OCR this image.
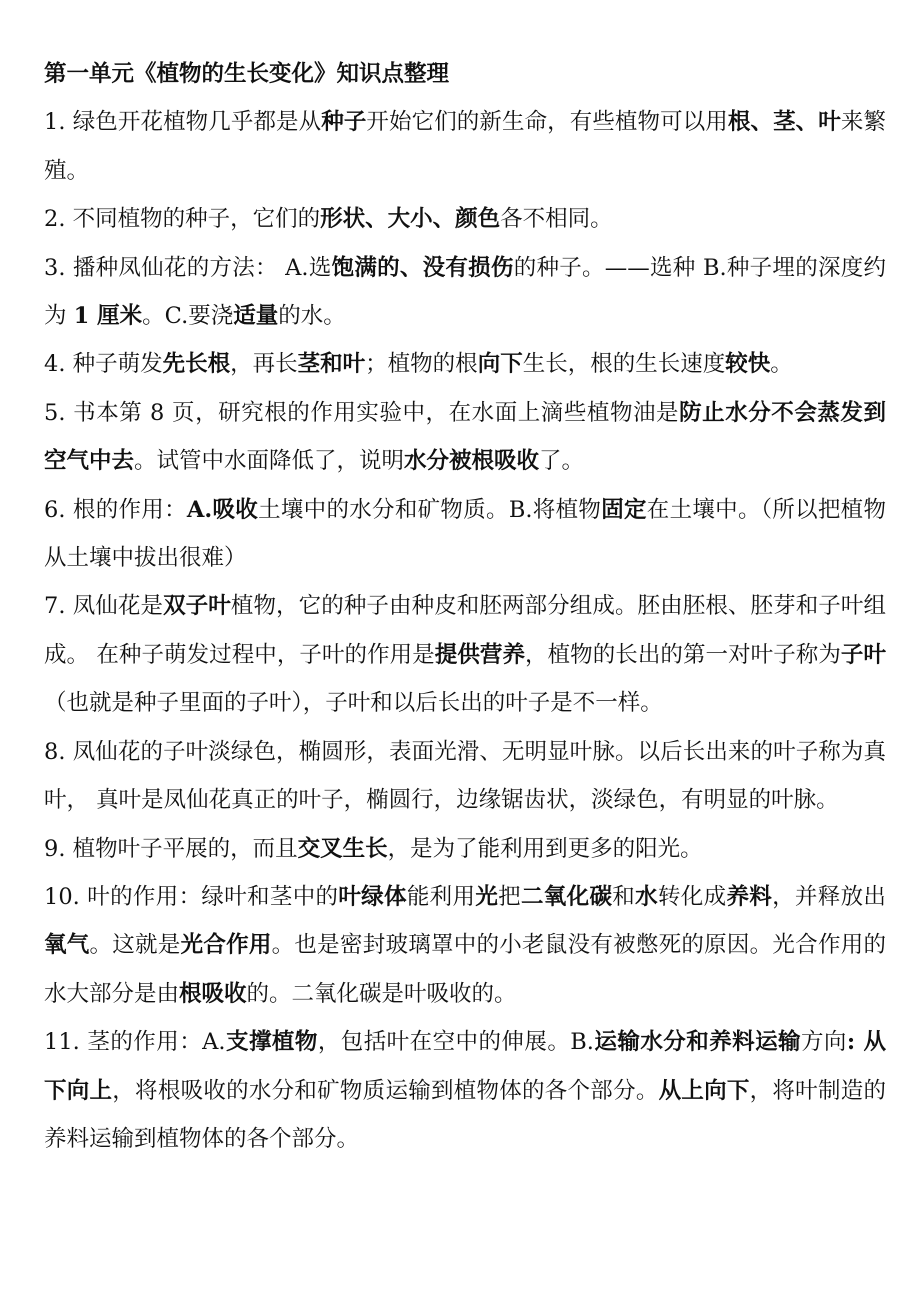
第一单元《植物的生长变化》知识点整理

1. 绿色开花植物几乎都是从种子开始它们的新生命，有些植物可以用根、茎、叶来繁殖。

2. 不同植物的种子，它们的形状、大小、颜色各不相同。

3. 播种凤仙花的方法： A.选饱满的、没有损伤的种子。——选种 B.种子埋的深度约为 1 厘米。C.要浇适量的水。

4. 种子萌发先长根，再长茎和叶；植物的根向下生长，根的生长速度较快。

5. 书本第 8 页，研究根的作用实验中，在水面上滴些植物油是防止水分不会蒸发到空气中去。试管中水面降低了，说明水分被根吸收了。

6. 根的作用：A.吸收土壤中的水分和矿物质。B.将植物固定在土壤中。（所以把植物从土壤中拔出很难）

7. 凤仙花是双子叶植物，它的种子由种皮和胚两部分组成。胚由胚根、胚芽和子叶组成。 在种子萌发过程中，子叶的作用是提供营养，植物的长出的第一对叶子称为子叶（也就是种子里面的子叶），子叶和以后长出的叶子是不一样。

8. 凤仙花的子叶淡绿色，椭圆形，表面光滑、无明显叶脉。以后长出来的叶子称为真叶， 真叶是凤仙花真正的叶子，椭圆行，边缘锯齿状，淡绿色，有明显的叶脉。

9. 植物叶子平展的，而且交叉生长，是为了能利用到更多的阳光。

10. 叶的作用：绿叶和茎中的叶绿体能利用光把二氧化碳和水转化成养料，并释放出氧气。这就是光合作用。也是密封玻璃罩中的小老鼠没有被憋死的原因。光合作用的水大部分是由根吸收的。二氧化碳是叶吸收的。

11. 茎的作用：A.支撑植物，包括叶在空中的伸展。B.运输水分和养料运输方向: 从下向上，将根吸收的水分和矿物质运输到植物体的各个部分。从上向下，将叶制造的养料运输到植物体的各个部分。
